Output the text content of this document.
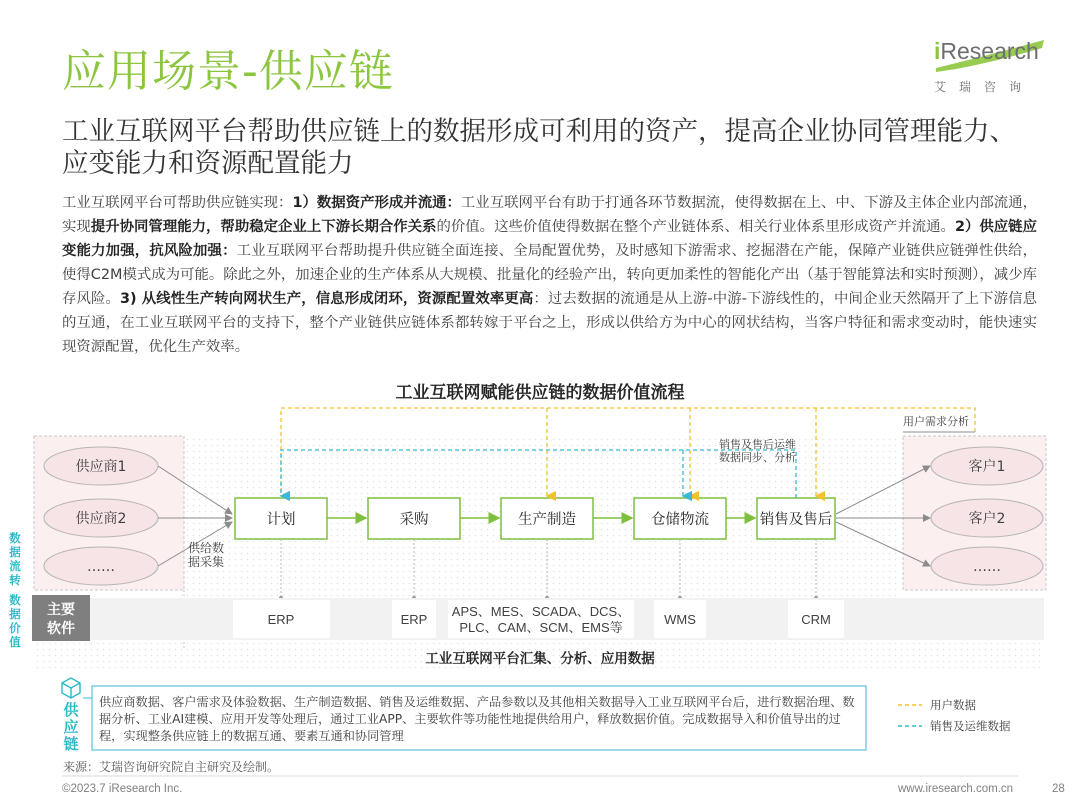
应用场景-供应链	iResearch
艾瑞咨询
工业互联网平台帮助供应链上的数据形成可利用的资产，提高企业协同管理能力、应变能力和资源配置能力
工业互联网平台可帮助供应链实现：1）数据资产形成并流通：工业互联网平台有助于打通各环节数据流，使得数据在上、中、下游及主体企业内部流通，实现提升协同管理能力，帮助稳定企业上下游长期合作关系的价值。这些价值使得数据在整个产业链体系、相关行业体系里形成资产并流通。2）供应链应变能力加强，抗风险加强：工业互联网平台帮助提升供应链全面连接、全局配置优势，及时感知下游需求、挖掘潜在产能，保障产业链供应链弹性供给，使得C2M模式成为可能。除此之外，加速企业的生产体系从大规模、批量化的经验产出，转向更加柔性的智能化产出（基于智能算法和实时预测），减少库存风险。3) 从线性生产转向网状生产，信息形成闭环，资源配置效率更高：过去数据的流通是从上游-中游-下游线性的，中间企业天然隔开了上下游信息的互通，在工业互联网平台的支持下，整个产业链供应链体系都转嫁于平台之上，形成以供给方为中心的网状结构，当客户特征和需求变动时，能快速实现资源配置，优化生产效率。
工业互联网赋能供应链的数据价值流程
供应商1
供应商2
……
客户1
客户2
……
计划	采购	生产制造	仓储物流	销售及售后
用户需求分析
销售及售后运维
数据同步、分析
供给数
据采集
主要
软件
ERP	ERP
APS、MES、SCADA、DCS、
PLC、CAM、SCM、EMS等
WMS	CRM
工业互联网平台汇集、分析、应用数据
数
据
流
转
数
据
价
值
供
应
链
用户数据
销售及运维数据
供应商数据、客户需求及体验数据、生产制造数据、销售及运维数据、产品参数以及其他相关数据导入工业互联网平台后，进行数据治理、数据分析、工业AI建模、应用开发等处理后，通过工业APP、主要软件等功能性地提供给用户，释放数据价值。完成数据导入和价值导出的过程，实现整条供应链上的数据互通、要素互通和协同管理
来源：艾瑞咨询研究院自主研究及绘制。
©2023.7 iResearch Inc.	www.iresearch.com.cn	28
